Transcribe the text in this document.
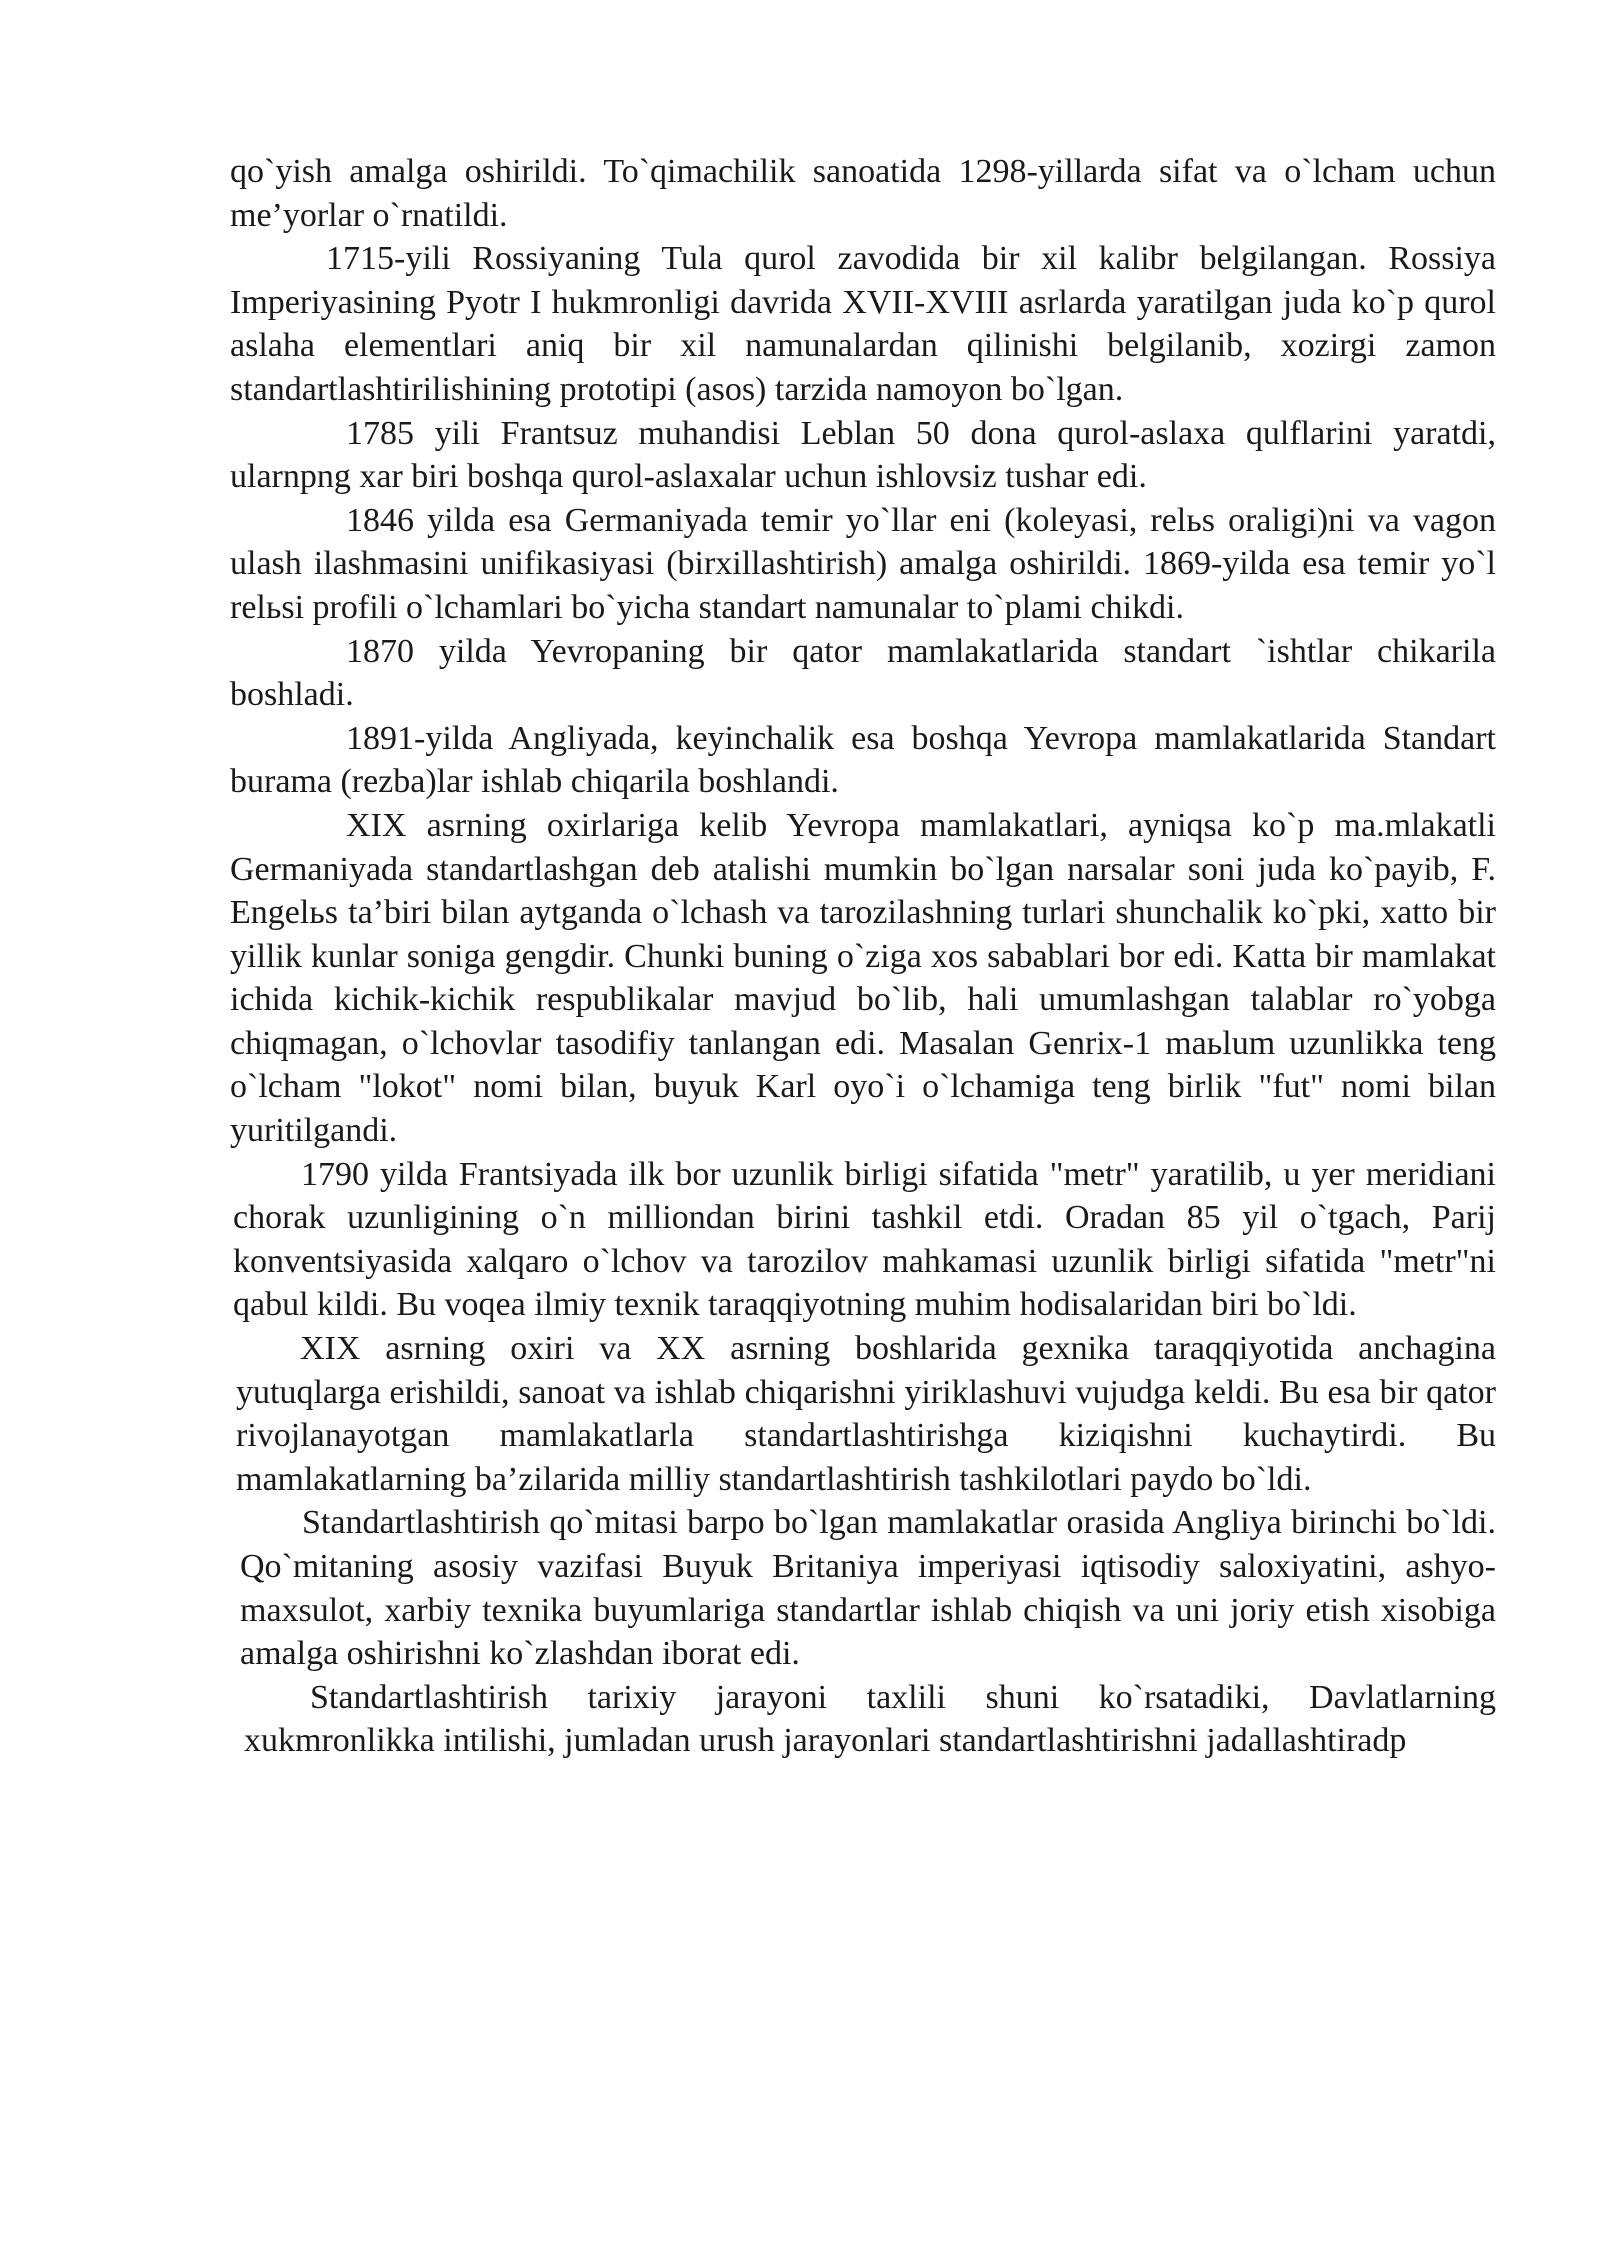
qo`yish amalga oshirildi. To`qimachilik sanoatida 1298-yillarda sifat va o`lcham uchun me’yorlar o`rnatildi.

1715-yili Rossiyaning Tula qurol zavodida bir xil kalibr belgilangan. Rossiya Imperiyasining Pyotr I hukmronligi davrida XVII-XVIII asrlarda yaratilgan juda ko`p qurol aslaha elementlari aniq bir xil namunalardan qilinishi belgilanib, xozirgi zamon standartlashtirilishining prototipi (asos) tarzida namoyon bo`lgan.

1785 yili Frantsuz muhandisi Leblan 50 dona qurol-aslaxa qulflarini yaratdi, ularnpng xar biri boshqa qurol-aslaxalar uchun ishlovsiz tushar edi.

1846 yilda esa Germaniyada temir yo`llar eni (koleyasi, relьs oraligi)ni va vagon ulash ilashmasini unifikasiyasi (birxillashtirish) amalga oshirildi. 1869-yilda esa temir yo`l relьsi profili o`lchamlari bo`yicha standart namunalar to`plami chikdi.

1870 yilda Yevropaning bir qator mamlakatlarida standart `ishtlar chikarila boshladi.

1891-yilda Angliyada, keyinchalik esa boshqa Yevropa mamlakatlarida Standart burama (rezba)lar ishlab chiqarila boshlandi.

XIX asrning oxirlariga kelib Yevropa mamlakatlari, ayniqsa ko`p ma.mlakatli Germaniyada standartlashgan deb atalishi mumkin bo`lgan narsalar soni juda ko`payib, F. Engelьs ta’biri bilan aytganda o`lchash va tarozilashning turlari shunchalik ko`pki, xatto bir yillik kunlar soniga gengdir. Chunki buning o`ziga xos sabablari bor edi. Katta bir mamlakat ichida kichik-kichik respublikalar mavjud bo`lib, hali umumlashgan talablar ro`yobga chiqmagan, o`lchovlar tasodifiy tanlangan edi. Masalan Genrix-1 maьlum uzunlikka teng o`lcham "lokot" nomi bilan, buyuk Karl oyo`i o`lchamiga teng birlik "fut" nomi bilan yuritilgandi.

1790 yilda Frantsiyada ilk bor uzunlik birligi sifatida "metr" yaratilib, u yer meridiani chorak uzunligining o`n milliondan birini tashkil etdi. Oradan 85 yil o`tgach, Parij konventsiyasida xalqaro o`lchov va tarozilov mahkamasi uzunlik birligi sifatida "metr"ni qabul kildi. Bu voqea ilmiy texnik taraqqiyotning muhim hodisalaridan biri bo`ldi.

XIX asrning oxiri va XX asrning boshlarida gexnika taraqqiyotida anchagina yutuqlarga erishildi, sanoat va ishlab chiqarishni yiriklashuvi vujudga keldi. Bu esa bir qator rivojlanayotgan mamlakatlarla standartlashtirishga kiziqishni kuchaytirdi. Bu mamlakatlarning ba’zilarida milliy standartlashtirish tashkilotlari paydo bo`ldi.

Standartlashtirish qo`mitasi barpo bo`lgan mamlakatlar orasida Angliya birinchi bo`ldi. Qo`mitaning asosiy vazifasi Buyuk Britaniya imperiyasi iqtisodiy saloxiyatini, ashyo-maxsulot, xarbiy texnika buyumlariga standartlar ishlab chiqish va uni joriy etish xisobiga amalga oshirishni ko`zlashdan iborat edi.

Standartlashtirish tarixiy jarayoni taxlili shuni ko`rsatadiki, Davlatlarning xukmronlikka intilishi, jumladan urush jarayonlari standartlashtirishni jadallashtiradp
